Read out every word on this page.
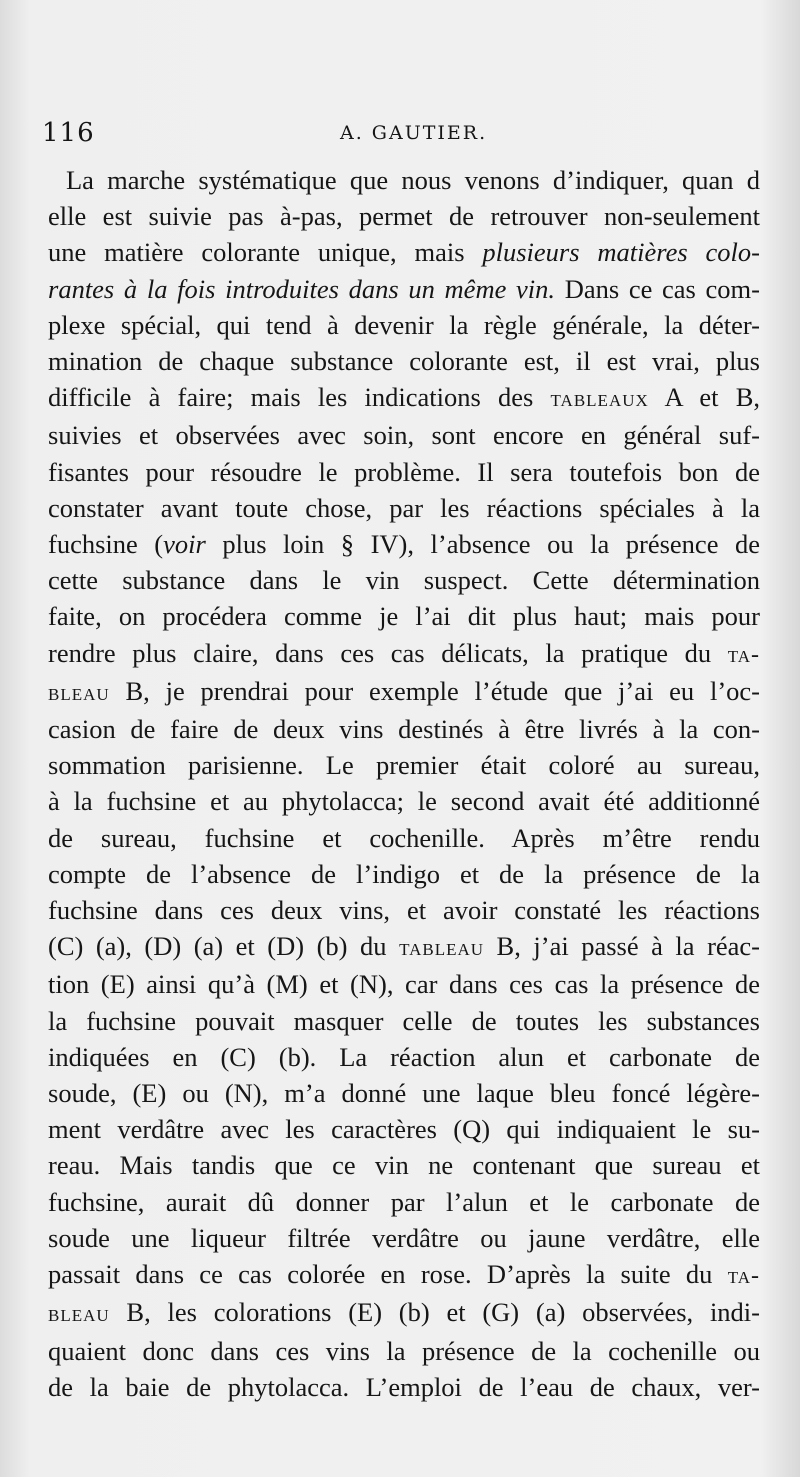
116	A. GAUTIER.
La marche systématique que nous venons d’indiquer, quan d
elle est suivie pas à-pas, permet de retrouver non-seulement
une matière colorante unique, mais plusieurs matières colo-
rantes à la fois introduites dans un même vin. Dans ce cas com-
plexe spécial, qui tend à devenir la règle générale, la déter-
mination de chaque substance colorante est, il est vrai, plus
difficile à faire; mais les indications des tableaux A et B,
suivies et observées avec soin, sont encore en général suf-
fisantes pour résoudre le problème. Il sera toutefois bon de
constater avant toute chose, par les réactions spéciales à la
fuchsine (voir plus loin § IV), l’absence ou la présence de
cette substance dans le vin suspect. Cette détermination
faite, on procédera comme je l’ai dit plus haut; mais pour
rendre plus claire, dans ces cas délicats, la pratique du ta-
bleau B, je prendrai pour exemple l’étude que j’ai eu l’oc-
casion de faire de deux vins destinés à être livrés à la con-
sommation parisienne. Le premier était coloré au sureau,
à la fuchsine et au phytolacca; le second avait été additionné
de sureau, fuchsine et cochenille. Après m’être rendu
compte de l’absence de l’indigo et de la présence de la
fuchsine dans ces deux vins, et avoir constaté les réactions
(C) (a), (D) (a) et (D) (b) du tableau B, j’ai passé à la réac-
tion (E) ainsi qu’à (M) et (N), car dans ces cas la présence de
la fuchsine pouvait masquer celle de toutes les substances
indiquées en (C) (b). La réaction alun et carbonate de
soude, (E) ou (N), m’a donné une laque bleu foncé légère-
ment verdâtre avec les caractères (Q) qui indiquaient le su-
reau. Mais tandis que ce vin ne contenant que sureau et
fuchsine, aurait dû donner par l’alun et le carbonate de
soude une liqueur filtrée verdâtre ou jaune verdâtre, elle
passait dans ce cas colorée en rose. D’après la suite du ta-
bleau B, les colorations (E) (b) et (G) (a) observées, indi-
quaient donc dans ces vins la présence de la cochenille ou
de la baie de phytolacca. L’emploi de l’eau de chaux, ver-
